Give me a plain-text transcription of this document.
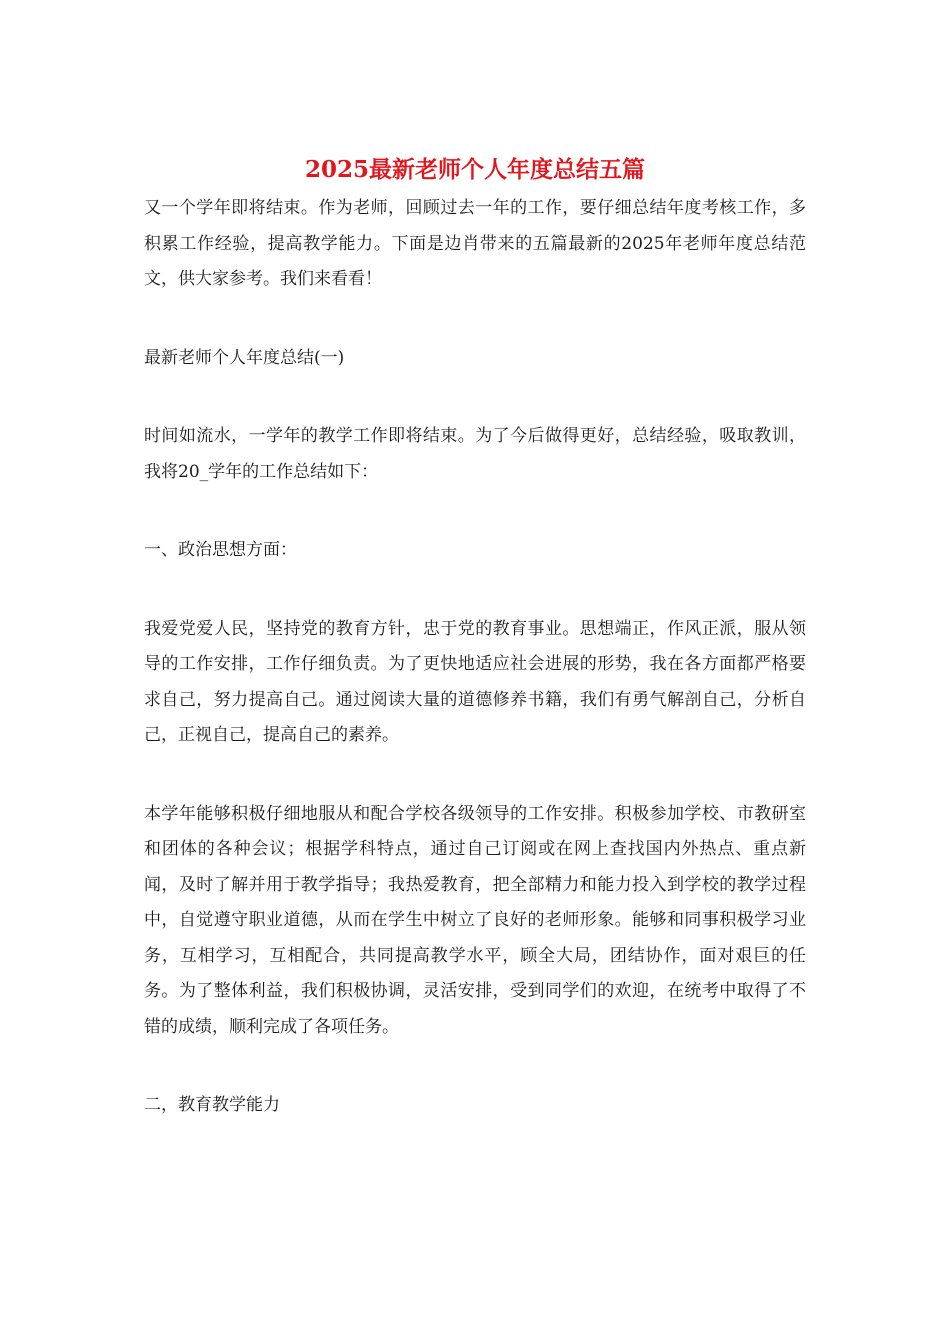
2025最新老师个人年度总结五篇

又一个学年即将结束。作为老师，回顾过去一年的工作，要仔细总结年度考核工作，多积累工作经验，提高教学能力。下面是边肖带来的五篇最新的2025年老师年度总结范文，供大家参考。我们来看看！

最新老师个人年度总结(一)

时间如流水，一学年的教学工作即将结束。为了今后做得更好，总结经验，吸取教训，我将20_学年的工作总结如下：

一、政治思想方面：

我爱党爱人民，坚持党的教育方针，忠于党的教育事业。思想端正，作风正派，服从领导的工作安排，工作仔细负责。为了更快地适应社会进展的形势，我在各方面都严格要求自己，努力提高自己。通过阅读大量的道德修养书籍，我们有勇气解剖自己，分析自己，正视自己，提高自己的素养。

本学年能够积极仔细地服从和配合学校各级领导的工作安排。积极参加学校、市教研室和团体的各种会议；根据学科特点，通过自己订阅或在网上查找国内外热点、重点新闻，及时了解并用于教学指导；我热爱教育，把全部精力和能力投入到学校的教学过程中，自觉遵守职业道德，从而在学生中树立了良好的老师形象。能够和同事积极学习业务，互相学习，互相配合，共同提高教学水平，顾全大局，团结协作，面对艰巨的任务。为了整体利益，我们积极协调，灵活安排，受到同学们的欢迎，在统考中取得了不错的成绩，顺利完成了各项任务。

二，教育教学能力
